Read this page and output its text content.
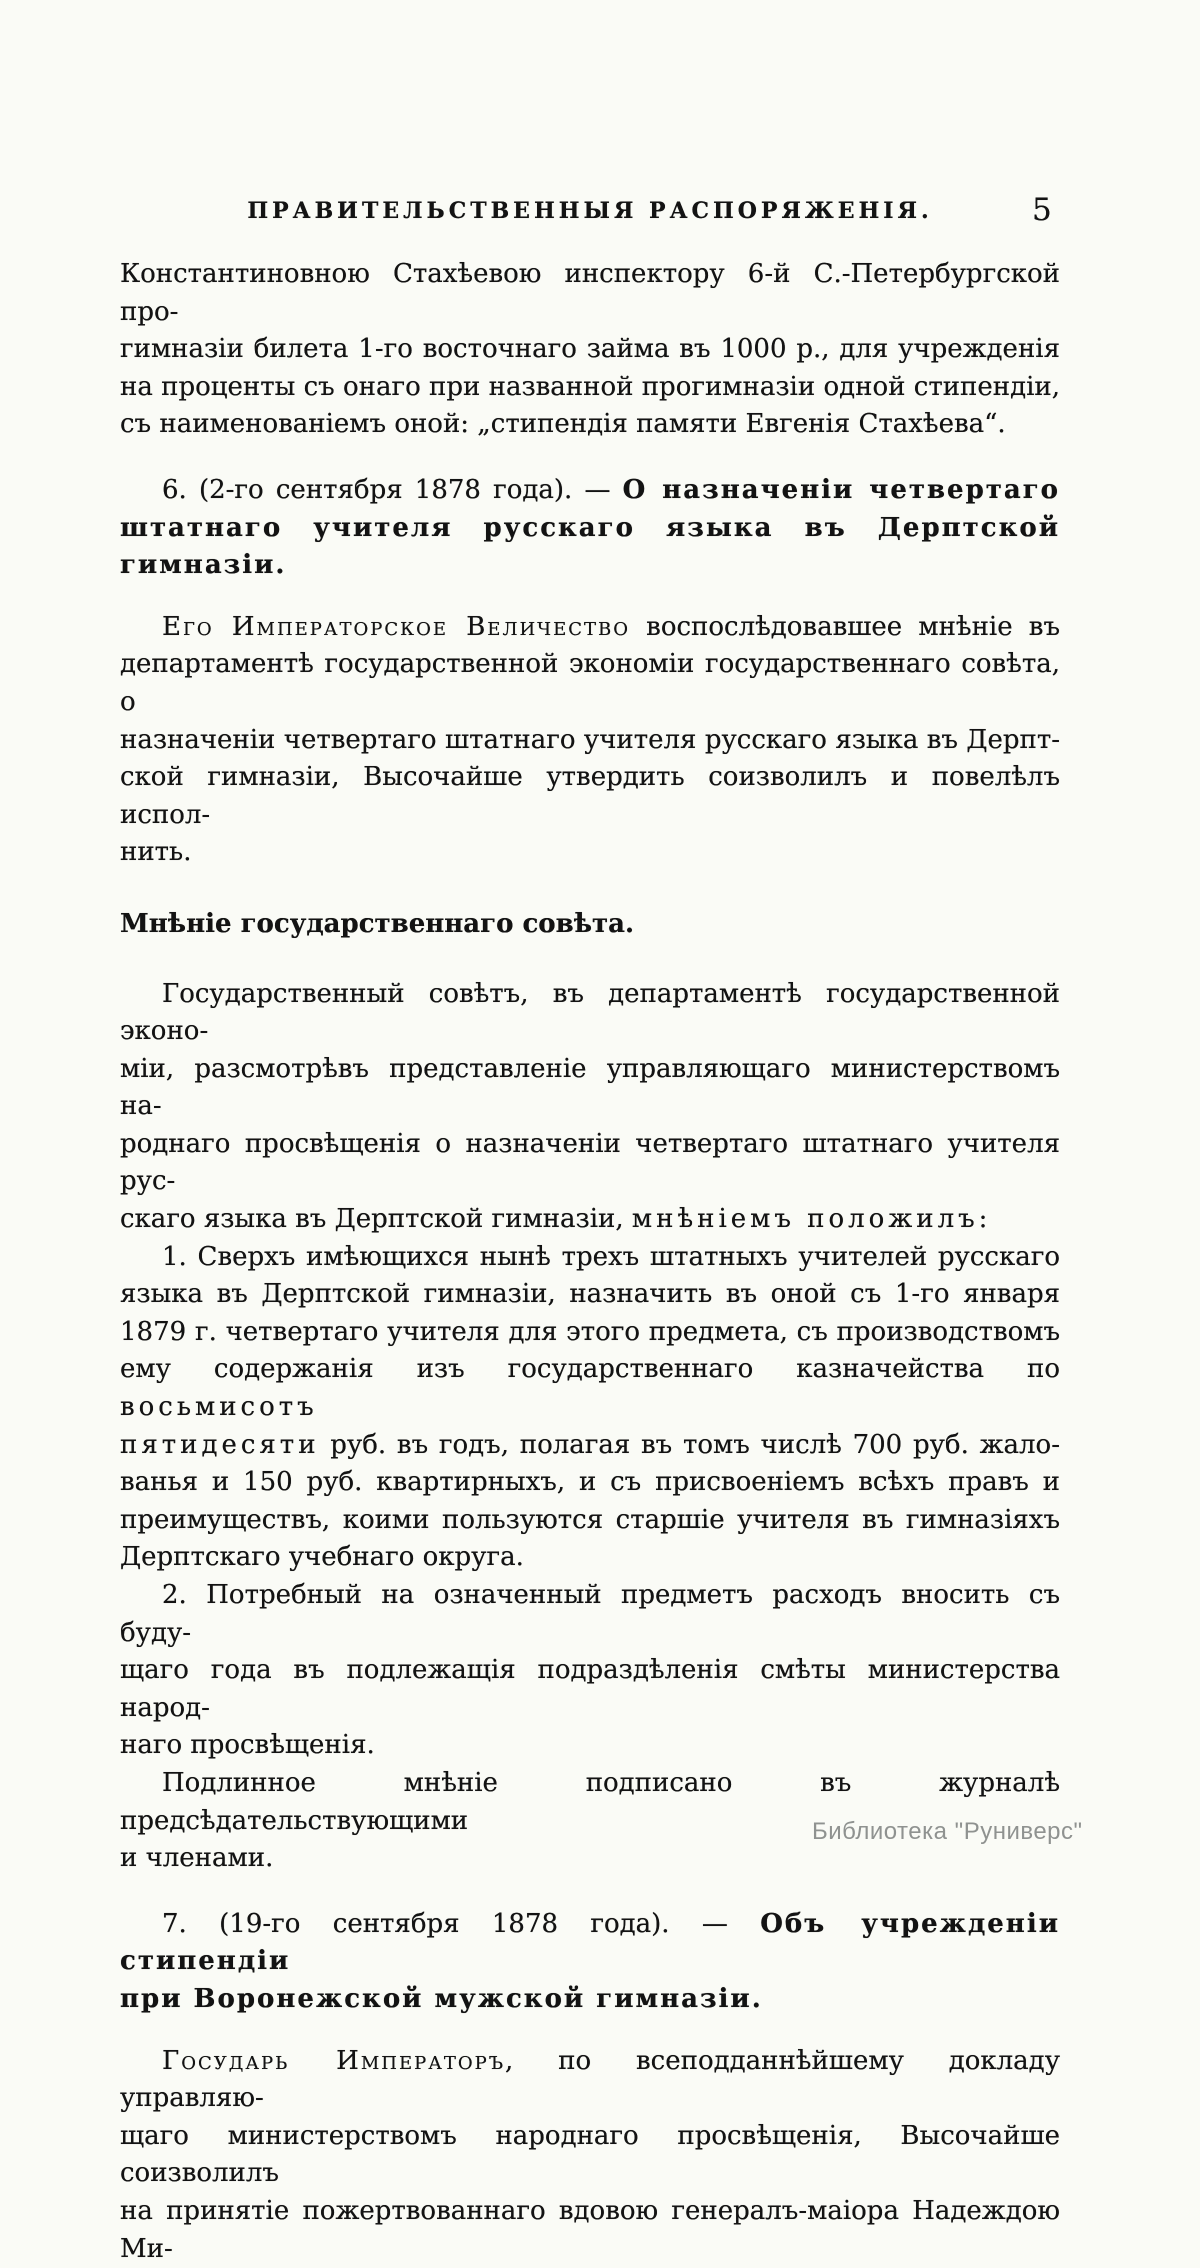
ПРАВИТЕЛЬСТВЕННЫЯ РАСПОРЯЖЕНІЯ.	5
Константиновною Стахѣевою инспектору 6-й С.-Петербургской про-
гимназіи билета 1-го восточнаго займа въ 1000 р., для учрежденія
на проценты съ онаго при названной прогимназіи одной стипендіи,
съ наименованіемъ оной: „стипендія памяти Евгенія Стахѣева“.
6. (2-го сентября 1878 года). — О назначеніи четвертаго
штатнаго учителя русскаго языка въ Дерптской гимназіи.
Его Императорское Величество воспослѣдовавшее мнѣніе въ
департаментѣ государственной экономіи государственнаго совѣта, о
назначеніи четвертаго штатнаго учителя русскаго языка въ Дерпт-
ской гимназіи, Высочайше утвердить соизволилъ и повелѣлъ испол-
нить.
Мнѣніе государственнаго совѣта.
Государственный совѣтъ, въ департаментѣ государственной эконо-
міи, разсмотрѣвъ представленіе управляющаго министерствомъ на-
роднаго просвѣщенія о назначеніи четвертаго штатнаго учителя рус-
скаго языка въ Дерптской гимназіи, мнѣніемъ положилъ:
1. Сверхъ имѣющихся нынѣ трехъ штатныхъ учителей русскаго
языка въ Дерптской гимназіи, назначить въ оной съ 1-го января
1879 г. четвертаго учителя для этого предмета, съ производствомъ
ему содержанія изъ государственнаго казначейства по восьмисотъ
пятидесяти руб. въ годъ, полагая въ томъ числѣ 700 руб. жало-
ванья и 150 руб. квартирныхъ, и съ присвоеніемъ всѣхъ правъ и
преимуществъ, коими пользуются старшіе учителя въ гимназіяхъ
Дерптскаго учебнаго округа.
2. Потребный на означенный предметъ расходъ вносить съ буду-
щаго года въ подлежащія подраздѣленія смѣты министерства народ-
наго просвѣщенія.
Подлинное мнѣніе подписано въ журналѣ предсѣдательствующими
и членами.
7. (19-го сентября 1878 года). — Объ учрежденіи стипендіи
при Воронежской мужской гимназіи.
Государь Императоръ, по всеподданнѣйшему докладу управляю-
щаго министерствомъ народнаго просвѣщенія, Высочайше соизволилъ
на принятіе пожертвованнаго вдовою генералъ-маіора Надеждою Ми-
Библиотека "Руниверс"
